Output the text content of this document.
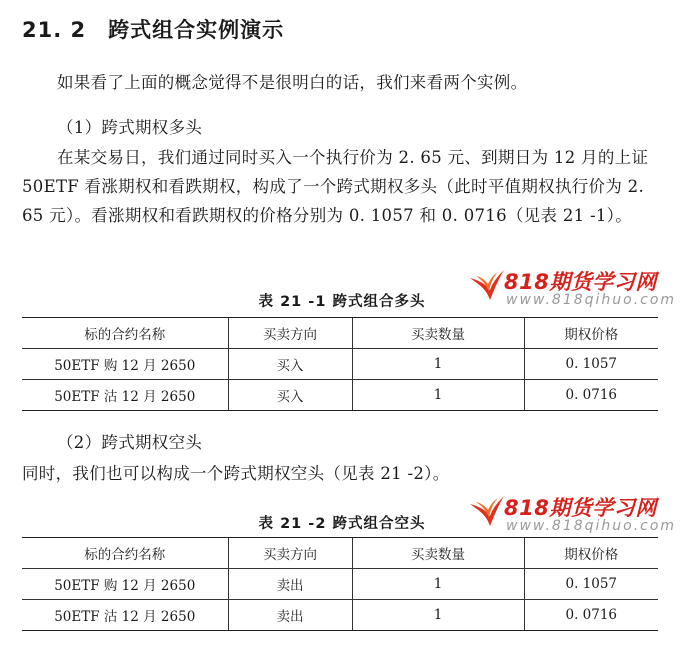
21. 2 跨式组合实例演示
如果看了上面的概念觉得不是很明白的话，我们来看两个实例。
（1）跨式期权多头
在某交易日，我们通过同时买入一个执行价为 2. 65 元、到期日为 12 月的上证 50ETF 看涨期权和看跌期权，构成了一个跨式期权多头（此时平值期权执行价为 2. 65 元）。看涨期权和看跌期权的价格分别为 0. 1057 和 0. 0716（见表 21 -1）。
818期货学习网
www.818qihuo.com
表 21 -1 跨式组合多头
标的合约名称	买卖方向	买卖数量	期权价格
50ETF 购 12 月 2650	买入	1	0. 1057
50ETF 沽 12 月 2650	买入	1	0. 0716
（2）跨式期权空头
同时，我们也可以构成一个跨式期权空头（见表 21 -2）。
818期货学习网
www.818qihuo.com
表 21 -2 跨式组合空头
标的合约名称	买卖方向	买卖数量	期权价格
50ETF 购 12 月 2650	卖出	1	0. 1057
50ETF 沽 12 月 2650	卖出	1	0. 0716
